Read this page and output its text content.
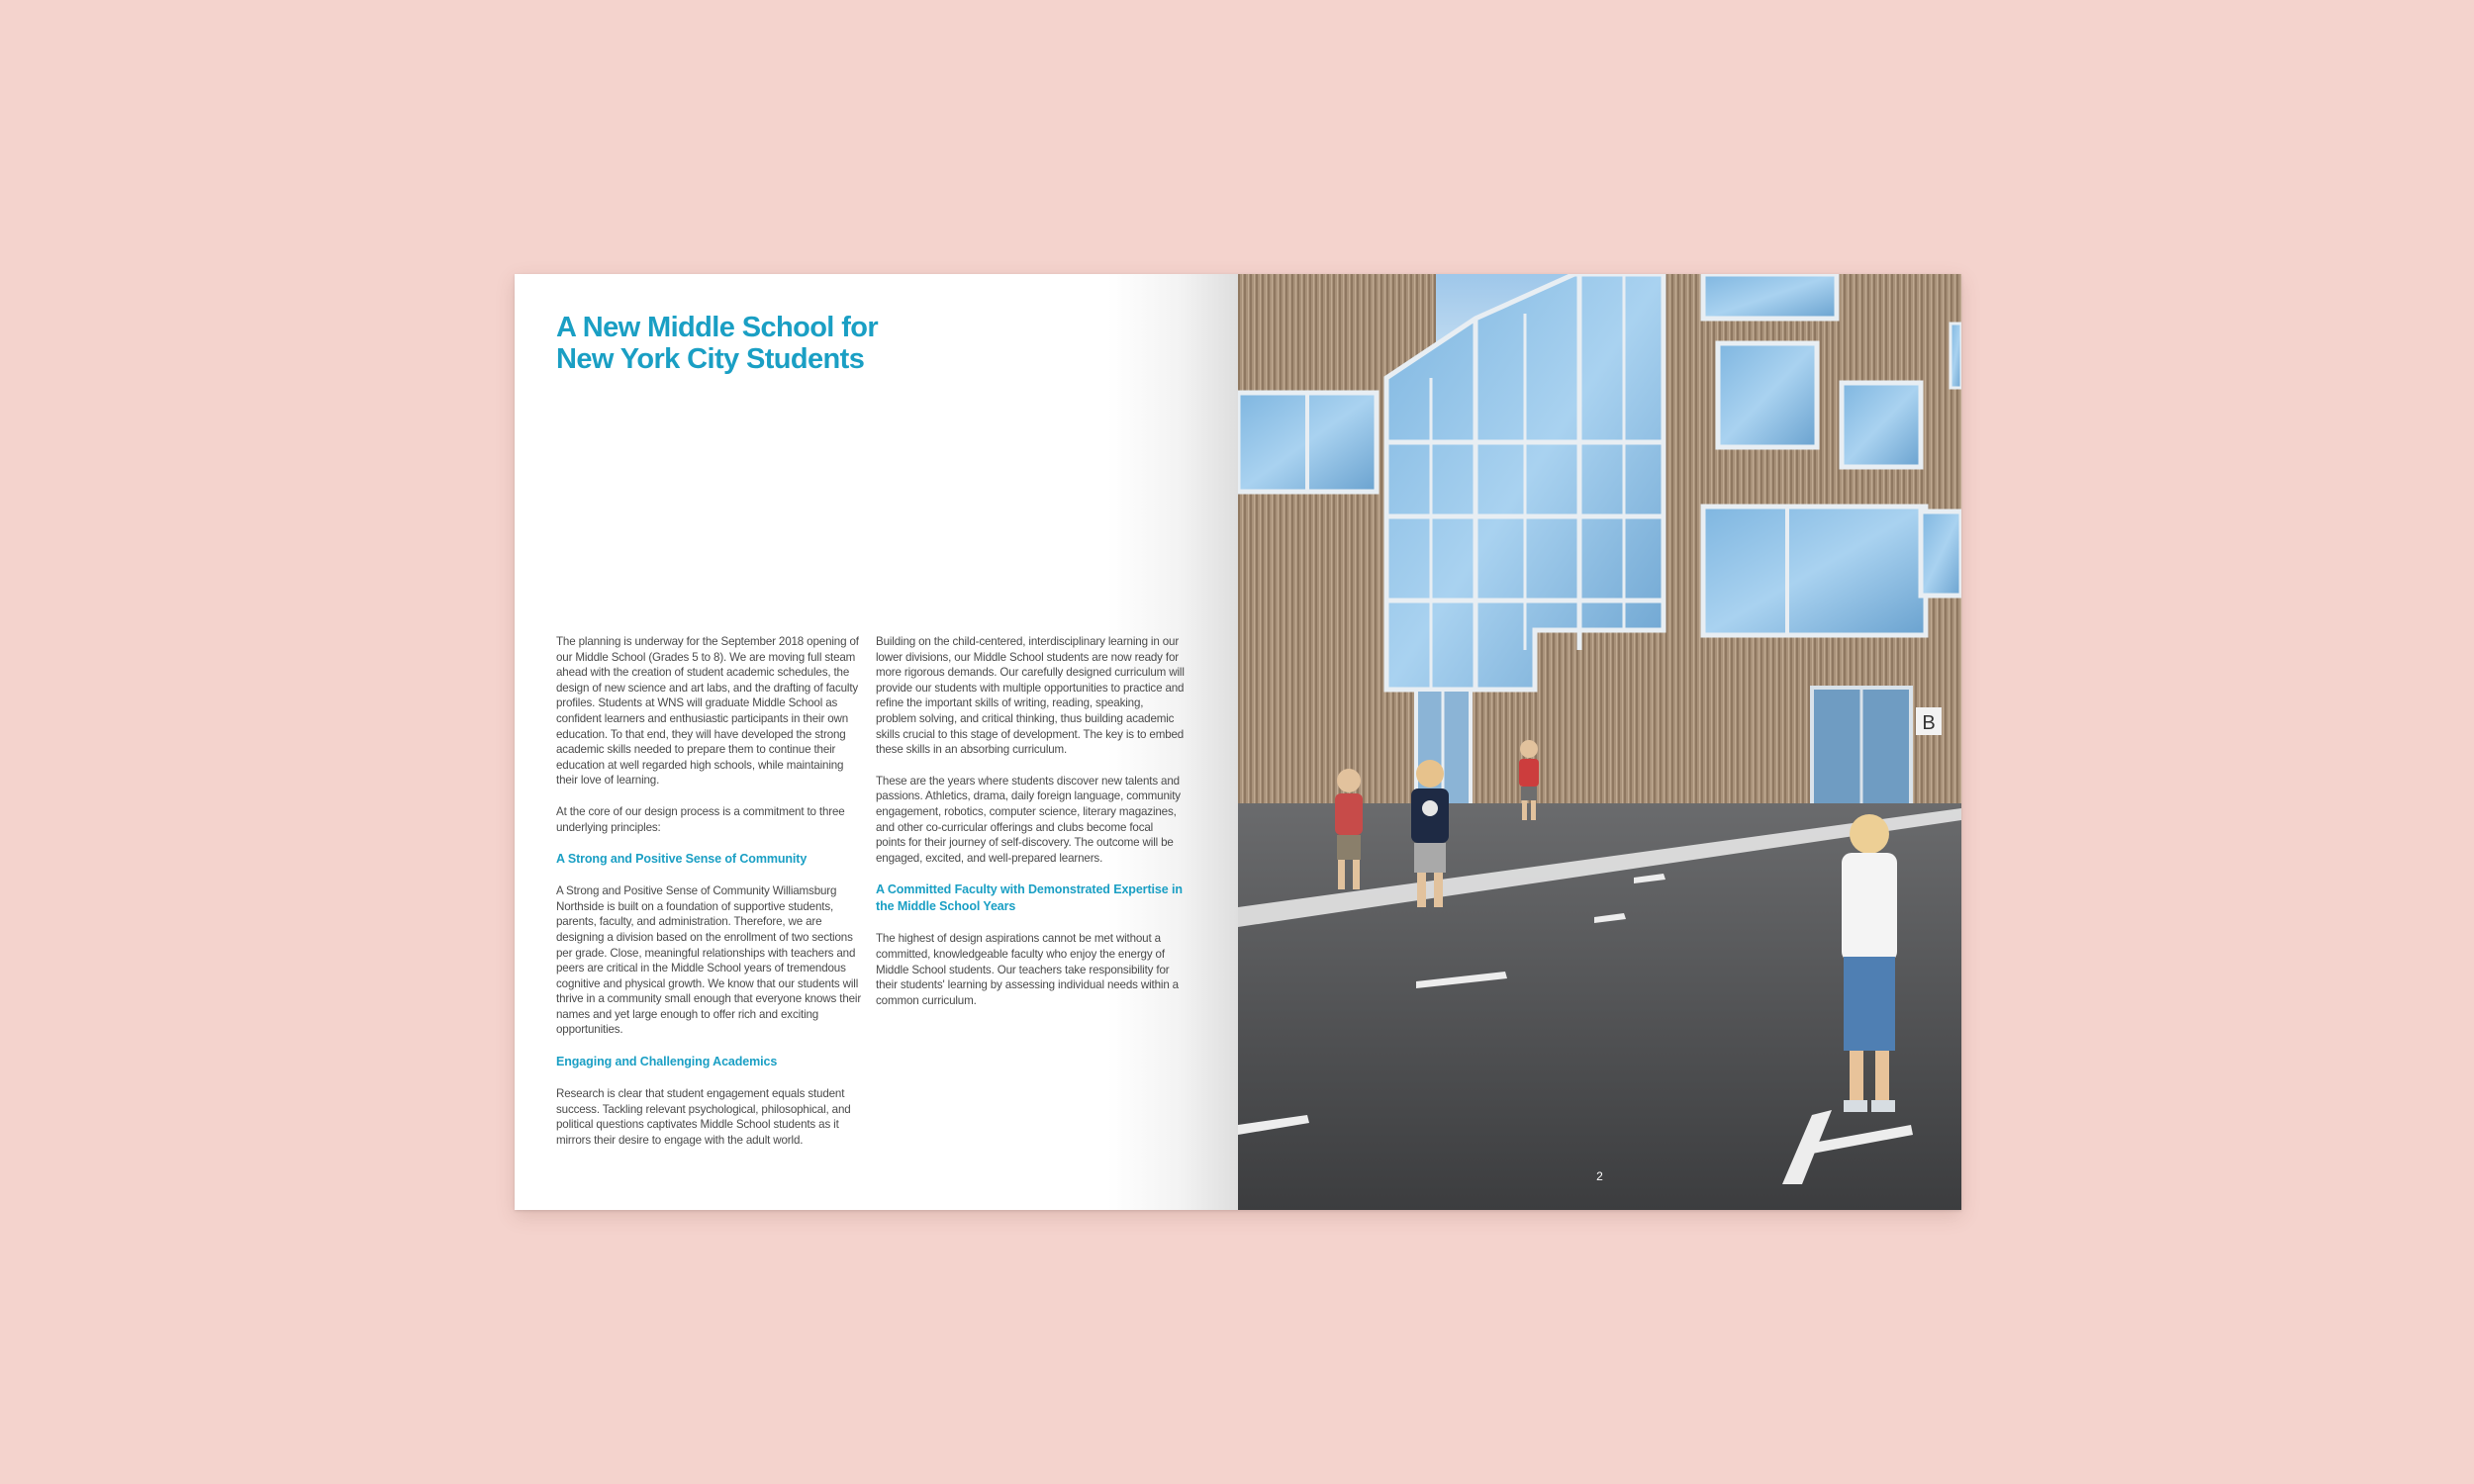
A New Middle School for New York City Students

The planning is underway for the September 2018 opening of our Middle School (Grades 5 to 8). We are moving full steam ahead with the creation of student academic schedules, the design of new science and art labs, and the drafting of faculty profiles. Students at WNS will graduate Middle School as confident learners and enthusiastic participants in their own education. To that end, they will have developed the strong academic skills needed to prepare them to continue their education at well regarded high schools, while maintaining their love of learning.

At the core of our design process is a commitment to three underlying principles:

A Strong and Positive Sense of Community

A Strong and Positive Sense of Community Williamsburg Northside is built on a foundation of supportive students, parents, faculty, and administration. Therefore, we are designing a division based on the enrollment of two sections per grade. Close, meaningful relationships with teachers and peers are critical in the Middle School years of tremendous cognitive and physical growth. We know that our students will thrive in a community small enough that everyone knows their names and yet large enough to offer rich and exciting opportunities.

Engaging and Challenging Academics

Research is clear that student engagement equals student success. Tackling relevant psychological, philosophical, and political questions captivates Middle School students as it mirrors their desire to engage with the adult world.

Building on the child-centered, interdisciplinary learning in our lower divisions, our Middle School students are now ready for more rigorous demands. Our carefully designed curriculum will provide our students with multiple opportunities to practice and refine the important skills of writing, reading, speaking, problem solving, and critical thinking, thus building academic skills crucial to this stage of development. The key is to embed these skills in an absorbing curriculum.

These are the years where students discover new talents and passions. Athletics, drama, daily foreign language, community engagement, robotics, computer science, literary magazines, and other co-curricular offerings and clubs become focal points for their journey of self-discovery. The outcome will be engaged, excited, and well-prepared learners.

A Committed Faculty with Demonstrated Expertise in the Middle School Years

The highest of design aspirations cannot be met without a committed, knowledgeable faculty who enjoy the energy of Middle School students. Our teachers take responsibility for their students' learning by assessing individual needs within a common curriculum.

B
2
